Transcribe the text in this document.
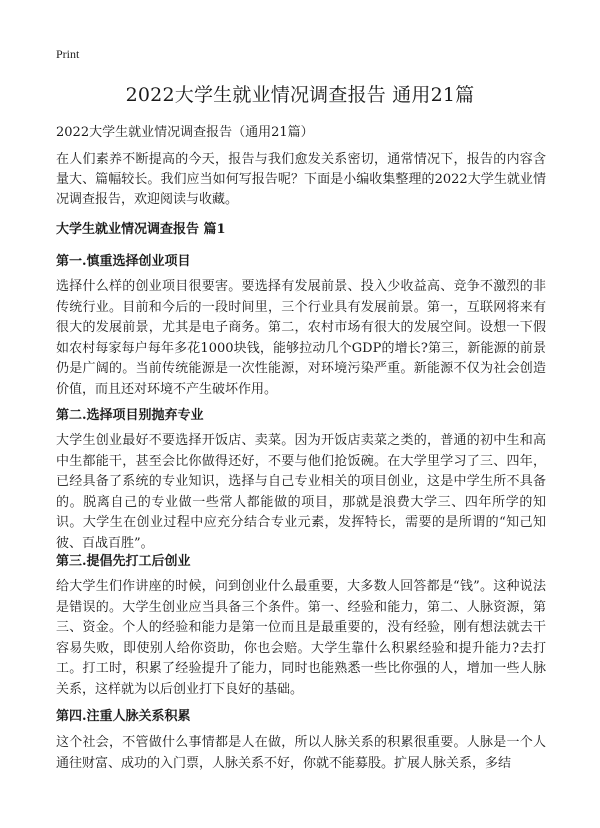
Print
2022大学生就业情况调查报告 通用21篇

2022大学生就业情况调查报告（通用21篇）

在人们素养不断提高的今天，报告与我们愈发关系密切，通常情况下，报告的内容含量大、篇幅较长。我们应当如何写报告呢？下面是小编收集整理的2022大学生就业情况调查报告，欢迎阅读与收藏。

大学生就业情况调查报告 篇1
第一.慎重选择创业项目

选择什么样的创业项目很要害。要选择有发展前景、投入少收益高、竞争不激烈的非传统行业。目前和今后的一段时间里，三个行业具有发展前景。第一，互联网将来有很大的发展前景，尤其是电子商务。第二，农村市场有很大的发展空间。设想一下假如农村每家每户每年多花1000块钱，能够拉动几个GDP的增长?第三，新能源的前景仍是广阔的。当前传统能源是一次性能源，对环境污染严重。新能源不仅为社会创造价值，而且还对环境不产生破坏作用。

第二.选择项目别抛弃专业

大学生创业最好不要选择开饭店、卖菜。因为开饭店卖菜之类的，普通的初中生和高中生都能干，甚至会比你做得还好，不要与他们抢饭碗。在大学里学习了三、四年，已经具备了系统的专业知识，选择与自己专业相关的项目创业，这是中学生所不具备的。脱离自己的专业做一些常人都能做的项目，那就是浪费大学三、四年所学的知识。大学生在创业过程中应充分结合专业元素，发挥特长，需要的是所谓的“知己知彼、百战百胜”。

第三.提倡先打工后创业

给大学生们作讲座的时候，问到创业什么最重要，大多数人回答都是“钱”。这种说法是错误的。大学生创业应当具备三个条件。第一、经验和能力，第二、人脉资源，第三、资金。个人的经验和能力是第一位而且是最重要的，没有经验，刚有想法就去干容易失败，即使别人给你资助，你也会赔。大学生靠什么积累经验和提升能力?去打工。打工时，积累了经验提升了能力，同时也能熟悉一些比你强的人，增加一些人脉关系，这样就为以后创业打下良好的基础。

第四.注重人脉关系积累

这个社会，不管做什么事情都是人在做，所以人脉关系的积累很重要。人脉是一个人通往财富、成功的入门票，人脉关系不好，你就不能募股。扩展人脉关系，多结
